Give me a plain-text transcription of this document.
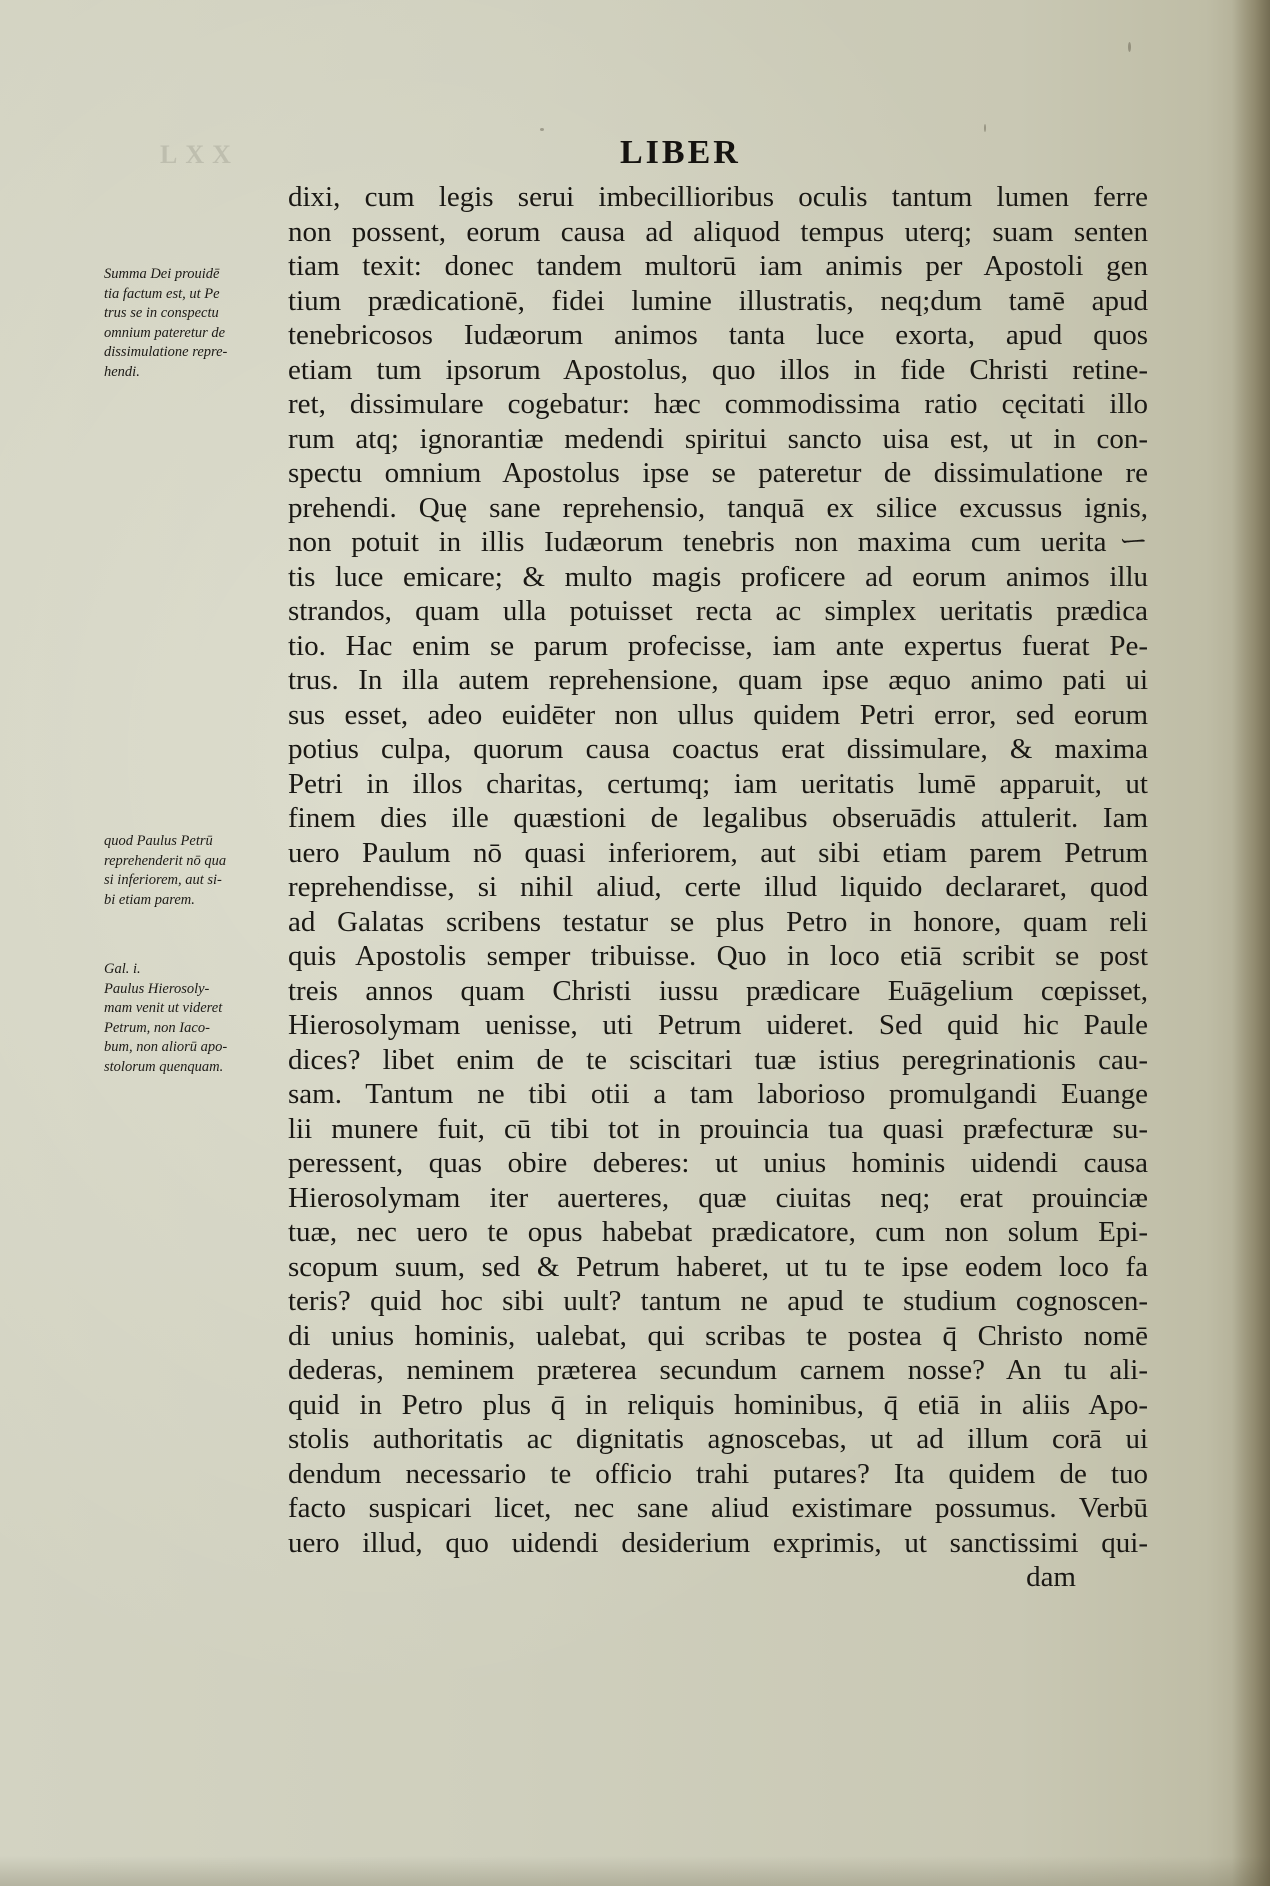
LXX	LIBER
Summa Dei prouidē
tia factum est, ut Pe
trus se in conspectu
omnium pateretur de
dissimulatione repre-
hendi.
quod Paulus Petrū
reprehenderit nō qua
si inferiorem, aut si-
bi etiam parem.
Gal. i.
Paulus Hierosoly-
mam venit ut videret
Petrum, non Iaco-
bum, non aliorū apo-
stolorum quenquam.
dixi, cum legis serui imbecillioribus oculis tantum lumen ferre
non possent, eorum causa ad aliquod tempus uterq; suam senten
tiam texit: donec tandem multorū iam animis per Apostoli gen
tium prædicationē, fidei lumine illustratis, neq;dum tamē apud
tenebricosos Iudæorum animos tanta luce exorta, apud quos
etiam tum ipsorum Apostolus, quo illos in fide Christi retine-
ret, dissimulare cogebatur: hæc commodissima ratio cęcitati illo
rum atq; ignorantiæ medendi spiritui sancto uisa est, ut in con-
spectu omnium Apostolus ipse se pateretur de dissimulatione re
prehendi. Quę sane reprehensio, tanquā ex silice excussus ignis,
non potuit in illis Iudæorum tenebris non maxima cum ueritaー
tis luce emicare; & multo magis proficere ad eorum animos illu
strandos, quam ulla potuisset recta ac simplex ueritatis prædica
tio. Hac enim se parum profecisse, iam ante expertus fuerat Pe-
trus. In illa autem reprehensione, quam ipse æquo animo pati ui
sus esset, adeo euidēter non ullus quidem Petri error, sed eorum
potius culpa, quorum causa coactus erat dissimulare, & maxima
Petri in illos charitas, certumq; iam ueritatis lumē apparuit, ut
finem dies ille quæstioni de legalibus obseruādis attulerit. Iam
uero Paulum nō quasi inferiorem, aut sibi etiam parem Petrum
reprehendisse, si nihil aliud, certe illud liquido declararet, quod
ad Galatas scribens testatur se plus Petro in honore, quam reli
quis Apostolis semper tribuisse. Quo in loco etiā scribit se post
treis annos quam Christi iussu prædicare Euāgelium cœpisset,
Hierosolymam uenisse, uti Petrum uideret. Sed quid hic Paule
dices? libet enim de te sciscitari tuæ istius peregrinationis cau-
sam. Tantum ne tibi otii a tam laborioso promulgandi Euange
lii munere fuit, cū tibi tot in prouincia tua quasi præfecturæ su-
peressent, quas obire deberes: ut unius hominis uidendi causa
Hierosolymam iter auerteres, quæ ciuitas neq; erat prouinciæ
tuæ, nec uero te opus habebat prædicatore, cum non solum Epi-
scopum suum, sed & Petrum haberet, ut tu te ipse eodem loco fa
teris? quid hoc sibi uult? tantum ne apud te studium cognoscen-
di unius hominis, ualebat, qui scribas te postea q̄ Christo nomē
dederas, neminem præterea secundum carnem nosse? An tu ali-
quid in Petro plus q̄ in reliquis hominibus, q̄ etiā in aliis Apo-
stolis authoritatis ac dignitatis agnoscebas, ut ad illum corā ui
dendum necessario te officio trahi putares? Ita quidem de tuo
facto suspicari licet, nec sane aliud existimare possumus. Verbū
uero illud, quo uidendi desiderium exprimis, ut sanctissimi qui-
dam
